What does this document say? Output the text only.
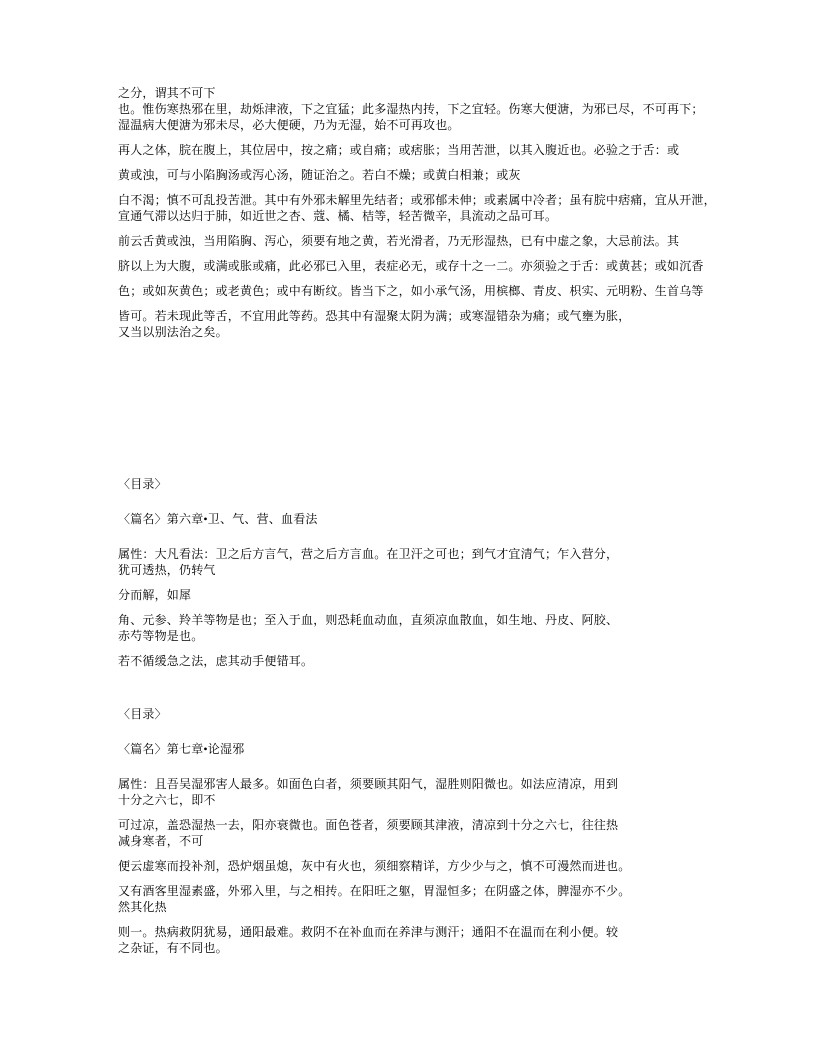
之分，谓其不可下
也。惟伤寒热邪在里，劫烁津液，下之宜猛；此多湿热内抟，下之宜轻。伤寒大便溏，为邪已尽，不可再下；
湿温病大便溏为邪未尽，必大便硬，乃为无湿，始不可再攻也。
再人之体，脘在腹上，其位居中，按之痛；或自痛；或痞胀；当用苦泄，以其入腹近也。必验之于舌：或
黄或浊，可与小陷胸汤或泻心汤，随证治之。若白不燥；或黄白相兼；或灰
白不渴；慎不可乱投苦泄。其中有外邪未解里先结者；或邪郁未伸；或素属中冷者；虽有脘中痞痛，宜从开泄，
宣通气滞以达归于肺，如近世之杏、蔻、橘、桔等，轻苦微辛，具流动之品可耳。
前云舌黄或浊，当用陷胸、泻心，须要有地之黄，若光滑者，乃无形湿热，已有中虚之象，大忌前法。其
脐以上为大腹，或满或胀或痛，此必邪已入里，表症必无，或存十之一二。亦须验之于舌：或黄甚；或如沉香
色；或如灰黄色；或老黄色；或中有断纹。皆当下之，如小承气汤，用槟榔、青皮、枳实、元明粉、生首乌等
皆可。若未现此等舌，不宜用此等药。恐其中有湿聚太阴为满；或寒湿错杂为痛；或气壅为胀，
又当以别法治之矣。
〈目录〉
〈篇名〉第六章•卫、气、营、血看法
属性：大凡看法：卫之后方言气，营之后方言血。在卫汗之可也；到气才宜清气；乍入营分，
犹可透热，仍转气
分而解，如犀
角、元参、羚羊等物是也；至入于血，则恐耗血动血，直须凉血散血，如生地、丹皮、阿胶、
赤芍等物是也。
若不循缓急之法，虑其动手便错耳。
〈目录〉
〈篇名〉第七章•论湿邪
属性：且吾吴湿邪害人最多。如面色白者，须要顾其阳气，湿胜则阳微也。如法应清凉，用到
十分之六七，即不
可过凉，盖恐湿热一去，阳亦衰微也。面色苍者，须要顾其津液，清凉到十分之六七，往往热
减身寒者，不可
便云虚寒而投补剂，恐炉烟虽熄，灰中有火也，须细察精详，方少少与之，慎不可漫然而进也。
又有酒客里湿素盛，外邪入里，与之相抟。在阳旺之躯，胃湿恒多；在阴盛之体，脾湿亦不少。
然其化热
则一。热病救阴犹易，通阳最难。救阴不在补血而在养津与测汗；通阳不在温而在利小便。较
之杂证，有不同也。
